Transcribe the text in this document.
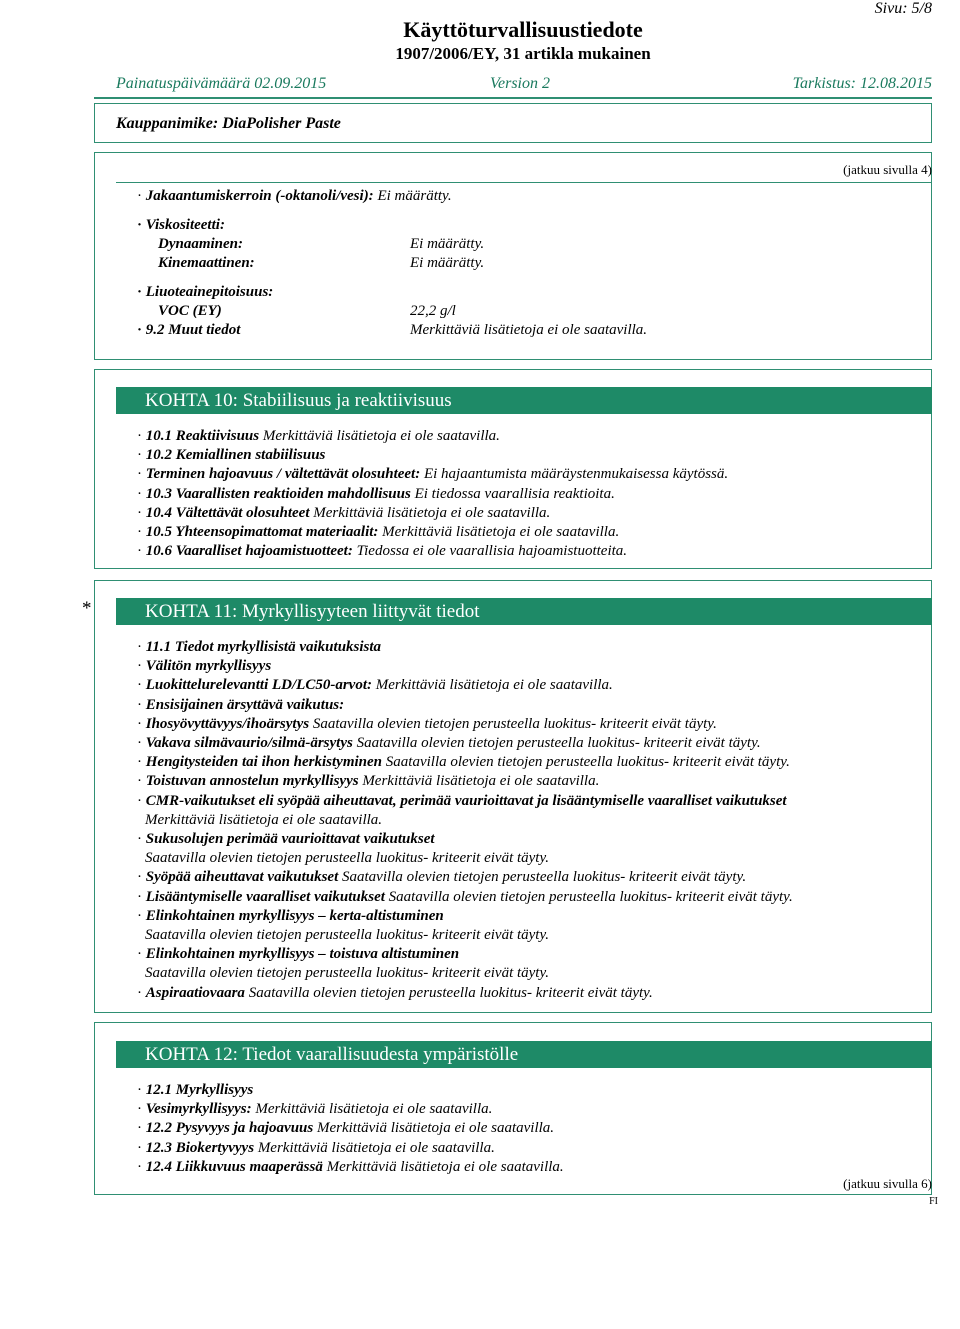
Sivu: 5/8
Käyttöturvallisuustiedote
1907/2006/EY, 31 artikla mukainen
Painatuspäivämäärä 02.09.2015	Version 2	Tarkistus: 12.08.2015
Kauppanimike: DiaPolisher Paste
(jatkuu sivulla 4)
· Jakaantumiskerroin (-oktanoli/vesi): Ei määrätty.
· Viskositeetti:
Dynaaminen:	Ei määrätty.
Kinemaattinen:	Ei määrätty.
· Liuoteainepitoisuus:
VOC (EY)	22,2 g/l
· 9.2 Muut tiedot	Merkittäviä lisätietoja ei ole saatavilla.
KOHTA 10: Stabiilisuus ja reaktiivisuus
· 10.1 Reaktiivisuus Merkittäviä lisätietoja ei ole saatavilla.
· 10.2 Kemiallinen stabiilisuus
· Terminen hajoavuus / vältettävät olosuhteet: Ei hajaantumista määräystenmukaisessa käytössä.
· 10.3 Vaarallisten reaktioiden mahdollisuus Ei tiedossa vaarallisia reaktioita.
· 10.4 Vältettävät olosuhteet Merkittäviä lisätietoja ei ole saatavilla.
· 10.5 Yhteensopimattomat materiaalit: Merkittäviä lisätietoja ei ole saatavilla.
· 10.6 Vaaralliset hajoamistuotteet: Tiedossa ei ole vaarallisia hajoamistuotteita.
*	KOHTA 11: Myrkyllisyyteen liittyvät tiedot
· 11.1 Tiedot myrkyllisistä vaikutuksista
· Välitön myrkyllisyys
· Luokittelurelevantti LD/LC50-arvot: Merkittäviä lisätietoja ei ole saatavilla.
· Ensisijainen ärsyttävä vaikutus:
· Ihosyövyttävyys/ihoärsytys Saatavilla olevien tietojen perusteella luokitus- kriteerit eivät täyty.
· Vakava silmävaurio/silmä-ärsytys Saatavilla olevien tietojen perusteella luokitus- kriteerit eivät täyty.
· Hengitysteiden tai ihon herkistyminen Saatavilla olevien tietojen perusteella luokitus- kriteerit eivät täyty.
· Toistuvan annostelun myrkyllisyys Merkittäviä lisätietoja ei ole saatavilla.
· CMR-vaikutukset eli syöpää aiheuttavat, perimää vaurioittavat ja lisääntymiselle vaaralliset vaikutukset
Merkittäviä lisätietoja ei ole saatavilla.
· Sukusolujen perimää vaurioittavat vaikutukset
Saatavilla olevien tietojen perusteella luokitus- kriteerit eivät täyty.
· Syöpää aiheuttavat vaikutukset Saatavilla olevien tietojen perusteella luokitus- kriteerit eivät täyty.
· Lisääntymiselle vaaralliset vaikutukset Saatavilla olevien tietojen perusteella luokitus- kriteerit eivät täyty.
· Elinkohtainen myrkyllisyys – kerta-altistuminen
Saatavilla olevien tietojen perusteella luokitus- kriteerit eivät täyty.
· Elinkohtainen myrkyllisyys – toistuva altistuminen
Saatavilla olevien tietojen perusteella luokitus- kriteerit eivät täyty.
· Aspiraatiovaara Saatavilla olevien tietojen perusteella luokitus- kriteerit eivät täyty.
KOHTA 12: Tiedot vaarallisuudesta ympäristölle
· 12.1 Myrkyllisyys
· Vesimyrkyllisyys: Merkittäviä lisätietoja ei ole saatavilla.
· 12.2 Pysyvyys ja hajoavuus Merkittäviä lisätietoja ei ole saatavilla.
· 12.3 Biokertyvyys Merkittäviä lisätietoja ei ole saatavilla.
· 12.4 Liikkuvuus maaperässä Merkittäviä lisätietoja ei ole saatavilla.
(jatkuu sivulla 6)
FI
